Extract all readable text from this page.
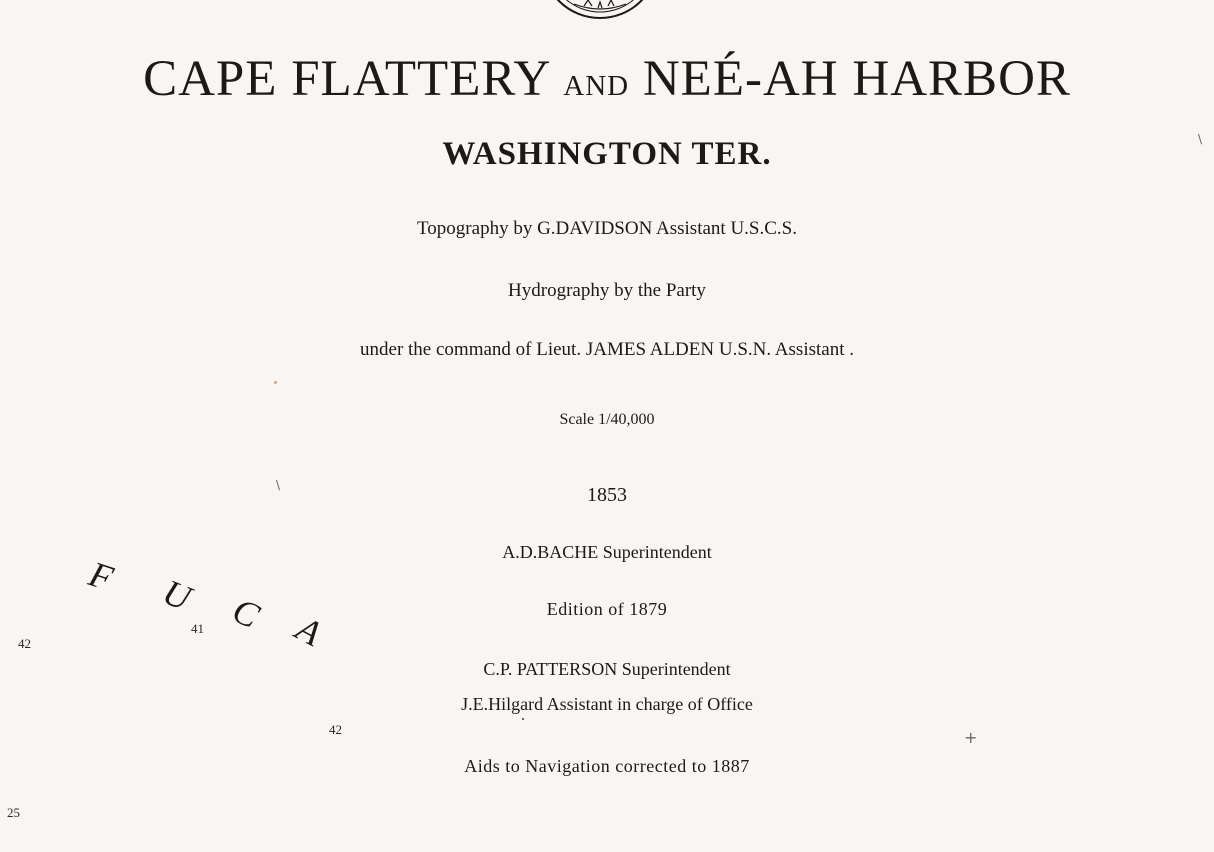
CAPE FLATTERY AND NEÉ-AH HARBOR
WASHINGTON TER.
Topography by G.DAVIDSON Assistant U.S.C.S.
Hydrography by the Party
under the command of Lieut. JAMES ALDEN U.S.N. Assistant .
Scale 1/40,000
1853
A.D.BACHE Superintendent
Edition of 1879
C.P. PATTERSON Superintendent
J.E.Hilgard Assistant in charge of Office
Aids to Navigation corrected to 1887
F U C A
42
41
42
25
+
\
\
